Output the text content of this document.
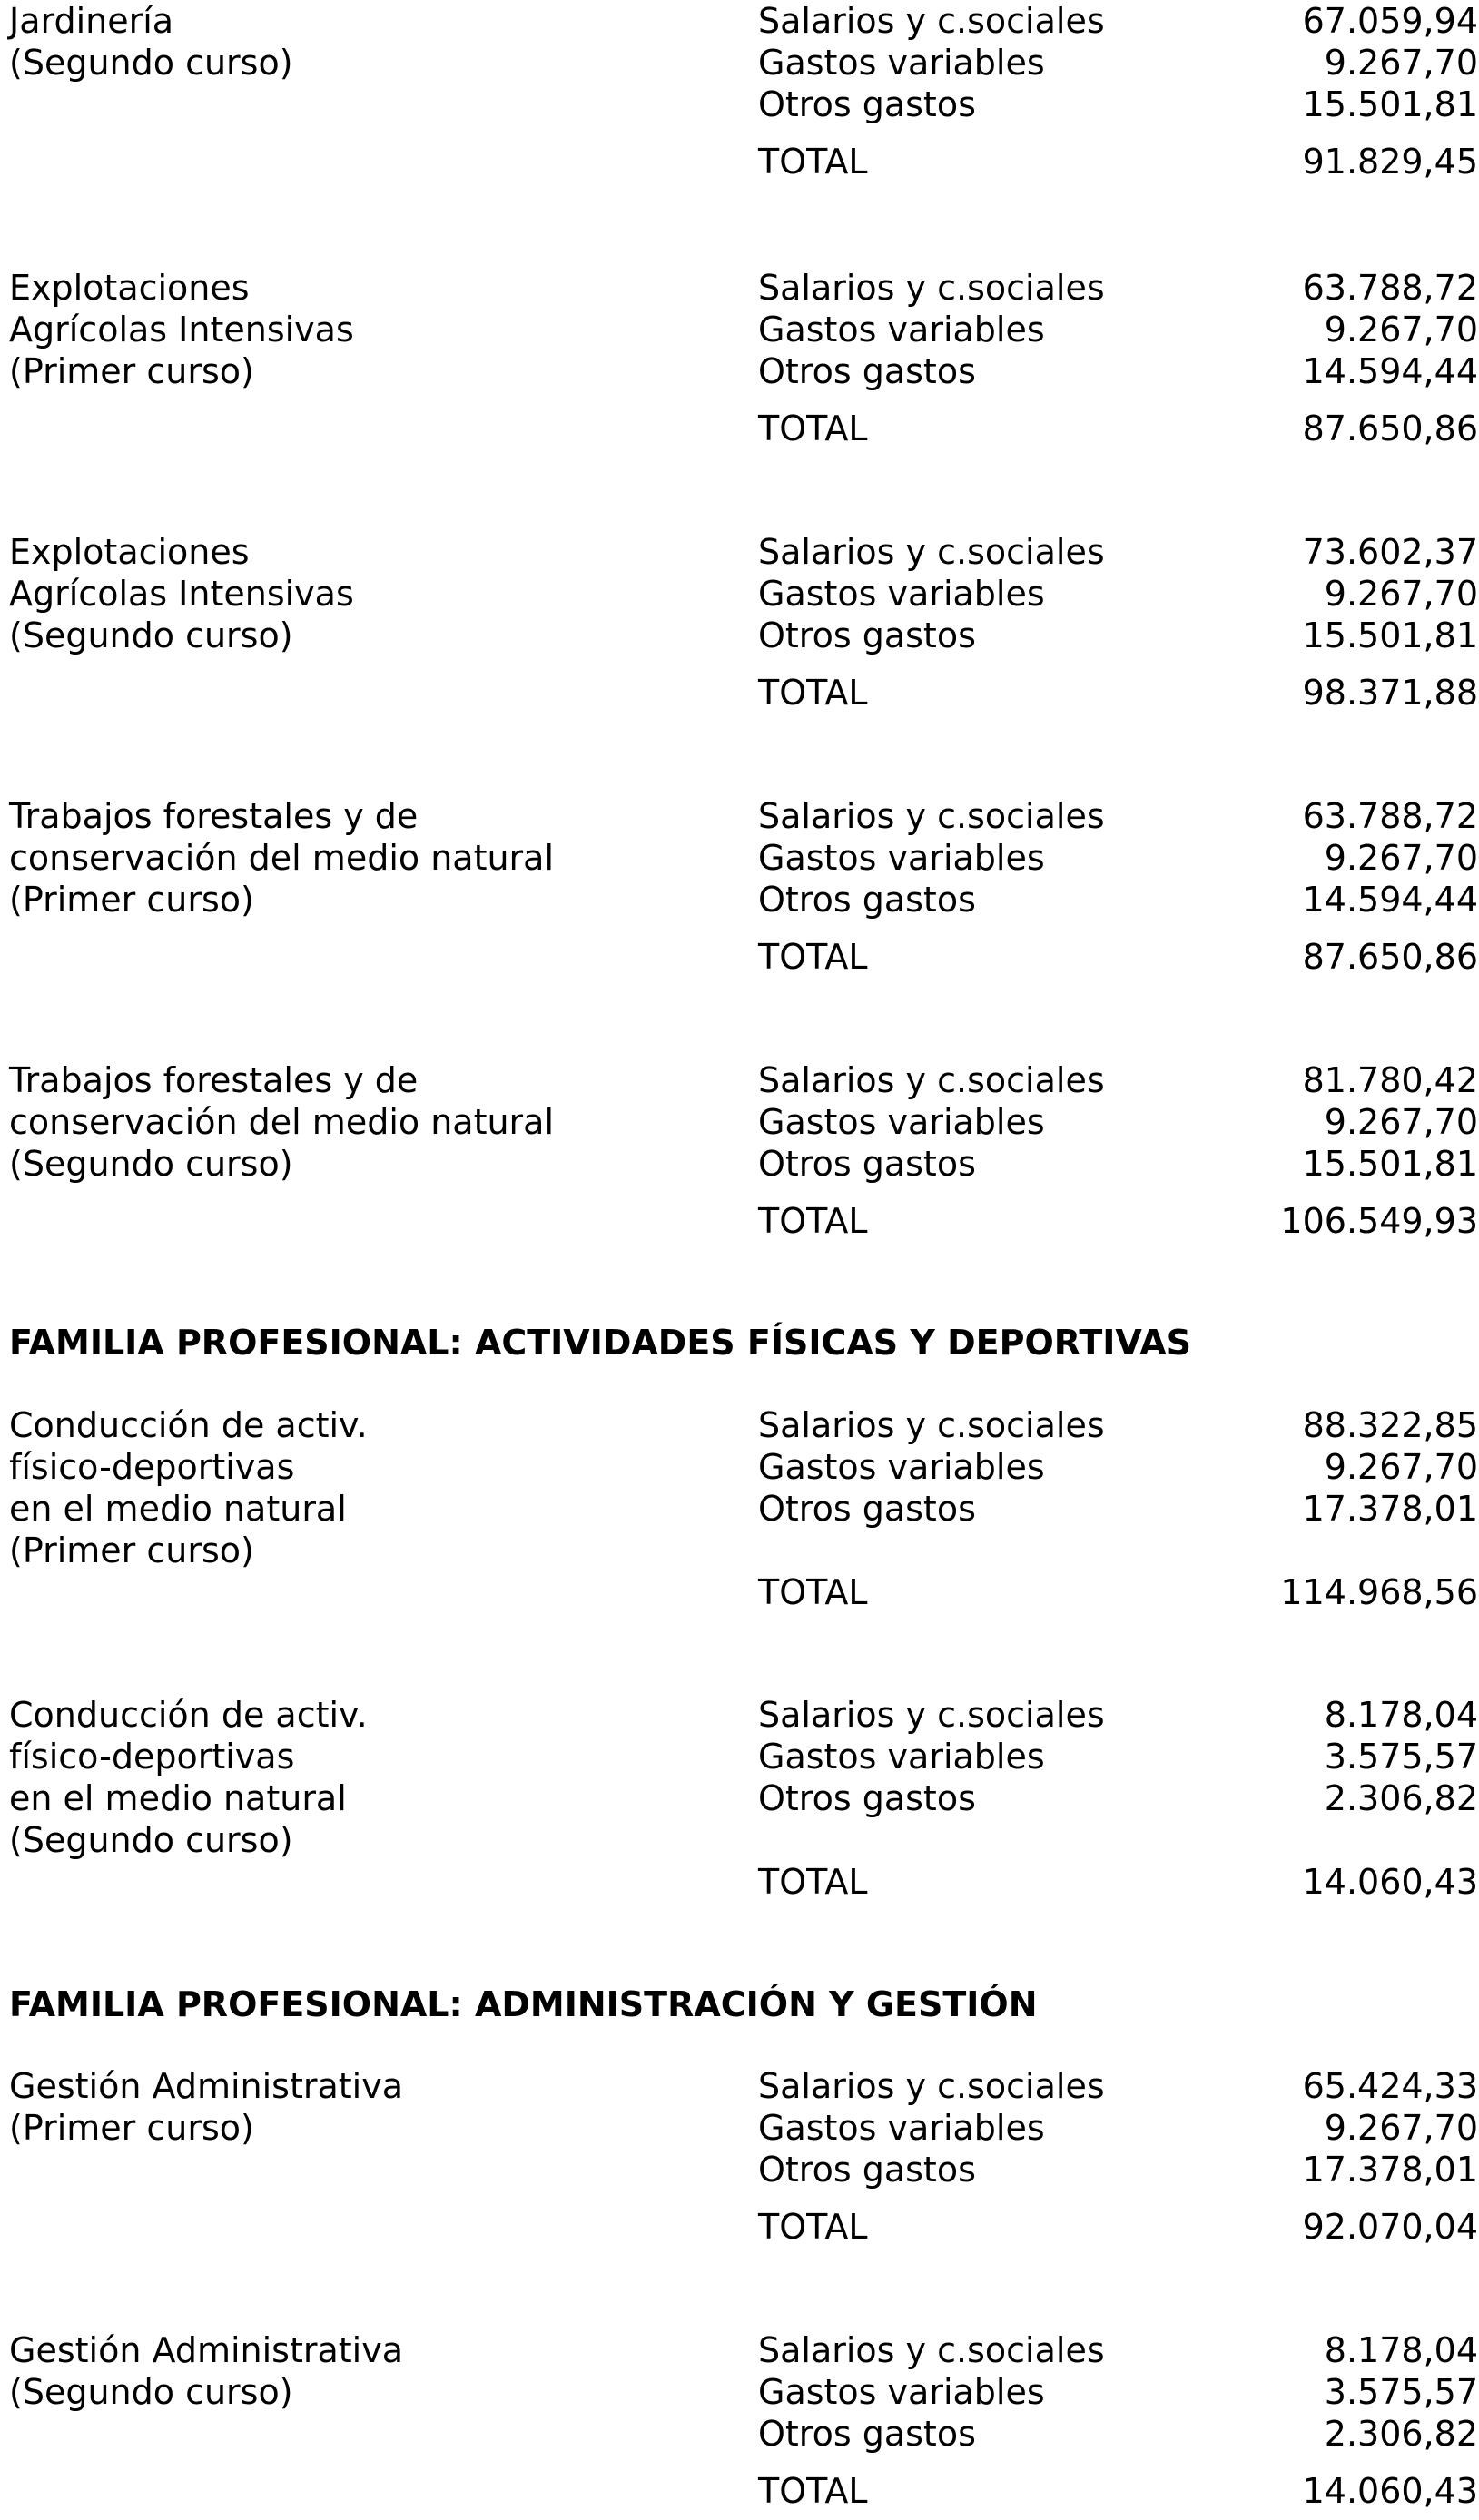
Jardinería
(Segundo curso)
Salarios y c.sociales	67.059,94
Gastos variables	9.267,70
Otros gastos	15.501,81
TOTAL	91.829,45
Explotaciones
Agrícolas Intensivas
(Primer curso)
Salarios y c.sociales	63.788,72
Gastos variables	9.267,70
Otros gastos	14.594,44
TOTAL	87.650,86
Explotaciones
Agrícolas Intensivas
(Segundo curso)
Salarios y c.sociales	73.602,37
Gastos variables	9.267,70
Otros gastos	15.501,81
TOTAL	98.371,88
Trabajos forestales y de
conservación del medio natural
(Primer curso)
Salarios y c.sociales	63.788,72
Gastos variables	9.267,70
Otros gastos	14.594,44
TOTAL	87.650,86
Trabajos forestales y de
conservación del medio natural
(Segundo curso)
Salarios y c.sociales	81.780,42
Gastos variables	9.267,70
Otros gastos	15.501,81
TOTAL	106.549,93
FAMILIA PROFESIONAL: ACTIVIDADES FÍSICAS Y DEPORTIVAS
Conducción de activ.
físico-deportivas
en el medio natural
(Primer curso)
Salarios y c.sociales	88.322,85
Gastos variables	9.267,70
Otros gastos	17.378,01
TOTAL	114.968,56
Conducción de activ.
físico-deportivas
en el medio natural
(Segundo curso)
Salarios y c.sociales	8.178,04
Gastos variables	3.575,57
Otros gastos	2.306,82
TOTAL	14.060,43
FAMILIA PROFESIONAL: ADMINISTRACIÓN Y GESTIÓN
Gestión Administrativa
(Primer curso)
Salarios y c.sociales	65.424,33
Gastos variables	9.267,70
Otros gastos	17.378,01
TOTAL	92.070,04
Gestión Administrativa
(Segundo curso)
Salarios y c.sociales	8.178,04
Gastos variables	3.575,57
Otros gastos	2.306,82
TOTAL	14.060,43
